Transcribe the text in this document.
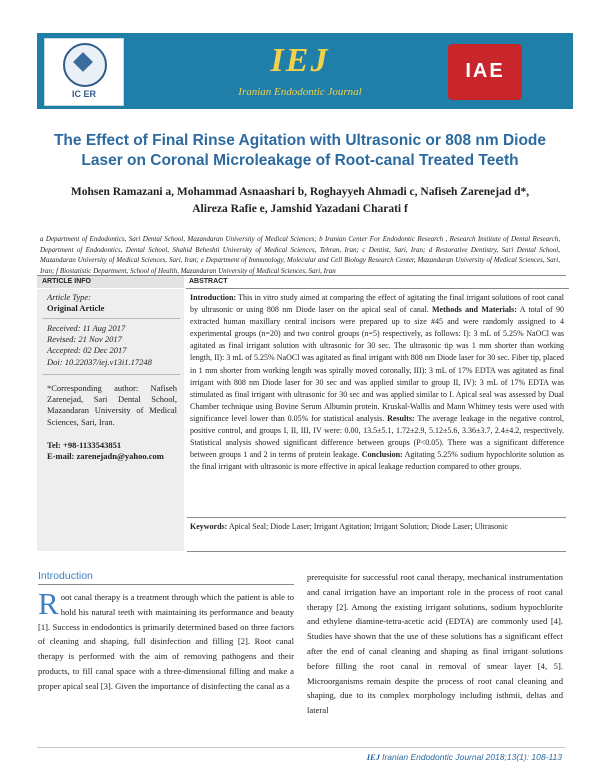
IC ER
IEJ
Iranian Endodontic Journal
IAE
The Effect of Final Rinse Agitation with Ultrasonic or 808 nm Diode Laser on Coronal Microleakage of Root-canal Treated Teeth
Mohsen Ramazani a, Mohammad Asnaashari b, Roghayyeh Ahmadi c, Nafiseh Zarenejad d*,
Alireza Rafie e, Jamshid Yazadani Charati f
a Department of Endodontics, Sari Dental School, Mazandaran University of Medical Sciences; b Iranian Center For Endodontic Research , Research Institute of Dental Research, Department of Endodontics, Dental School, Shahid Beheshti University of Medical Sciences, Tehran, Iran; c Dentist, Sari, Iran; d Restorative Dentistry, Sari Dental School, Mazandaran University of Medical Sciences, Sari, Iran; e Department of Immunology, Molecular and Cell Biology Research Center, Mazandaran University of Medical Sciences, Sari, Iran; f Biostatistic Department, School of Health, Mazandaran University of Medical Sciences, Sari, Iran
ARTICLE INFO	ABSTRACT
Article Type:
Original Article
Received: 11 Aug 2017
Revised: 21 Nov 2017
Accepted: 02 Dec 2017
Doi: 10.22037/iej.v13i1.17248
*Corresponding author: Nafiseh Zarenejad, Sari Dental School, Mazandaran University of Medical Sciences, Sari, Iran.
Tel: +98-1133543851
E-mail: zarenejadn@yahoo.com
Introduction: This in vitro study aimed at comparing the effect of agitating the final irrigant solutions of root canal by ultrasonic or using 808 nm Diode laser on the apical seal of canal. Methods and Materials: A total of 90 extracted human maxillary central incisors were prepared up to size #45 and were randomly assigned to 4 experimental groups (n=20) and two control groups (n=5) respectively, as follows: I): 3 mL of 5.25% NaOCl was agitated as final irrigant solution with ultrasonic for 30 sec. The ultrasonic tip was 1 mm shorter than working length, II): 3 mL of 5.25% NaOCl was agitated as final irrigant with 808 nm Diode laser for 30 sec. Fiber tip, placed in 1 mm shorter from working length was spirally moved coronally, III): 3 mL of 17% EDTA was agitated as final irrigant with 808 nm Diode laser for 30 sec and was applied similar to group II, IV): 3 mL of 17% EDTA was stimulated as final irrigant with ultrasonic for 30 sec and was applied similar to I. Apical seal was assessed by Dual Chamber technique using Bovine Serum Albumin protein. Kruskal-Wallis and Mann Whitney tests were used with significance level lower than 0.05% for statistical analysis. Results: The average leakage in the negative control, positive control, and groups I, II, III, IV were: 0.00, 13.5±5.1, 1.72±2.9, 5.12±5.6, 3.36±3.7, 2.4±4.2, respectively. Statistical analysis showed significant difference between groups (P<0.05). There was a significant difference between groups 1 and 2 in terms of protein leakage. Conclusion: Agitating 5.25% sodium hypochlorite solution as the final irrigant with ultrasonic is more effective in apical leakage reduction compared to other groups.
Keywords: Apical Seal; Diode Laser; Irrigant Agitation; Irrigant Solution; Diode Laser; Ultrasonic
Introduction
Root canal therapy is a treatment through which the patient is able to hold his natural teeth with maintaining its performance and beauty [1]. Success in endodontics is primarily determined based on three factors of cleaning and shaping, full disinfection and filling [2]. Root canal therapy is performed with the aim of removing pathogens and their products, to fill canal space with a three-dimensional filling and make a proper apical seal [3]. Given the importance of disinfecting the canal as a
prerequisite for successful root canal therapy, mechanical instrumentation and canal irrigation have an important role in the process of root canal therapy [2]. Among the existing irrigant solutions, sodium hypochlorite and ethylene diamine-tetra-acetic acid (EDTA) are commonly used [4]. Studies have shown that the use of these solutions has a significant effect after the end of canal cleaning and shaping as final irrigant solutions before filling the root canal in removal of smear layer [4, 5]. Microorganisms remain despite the process of root canal cleaning and shaping, due to its complex morphology including isthmii, deltas and lateral
IEJ Iranian Endodontic Journal 2018;13(1): 108-113
